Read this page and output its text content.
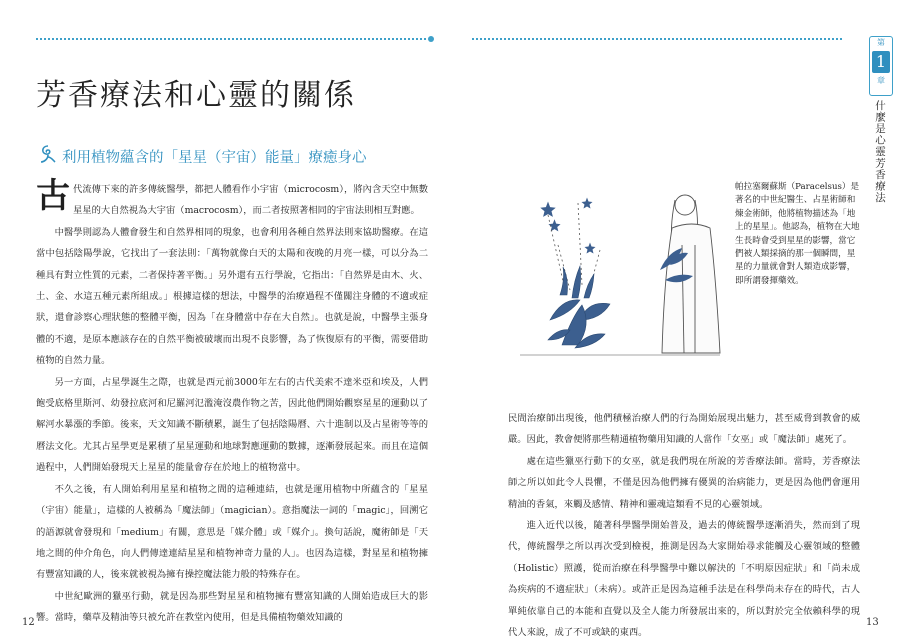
芳香療法和心靈的關係
利用植物蘊含的「星星（宇宙）能量」療癒身心

古代流傳下來的許多傳統醫學，都把人體看作小宇宙（microcosm），將內含天空中無數星星的大自然視為大宇宙（macrocosm），而二者按照著相同的宇宙法則相互對應。

中醫學則認為人體會發生和自然界相同的現象，也會利用各種自然界法則來協助醫療。在這當中包括陰陽學說，它找出了一套法則：「萬物就像白天的太陽和夜晚的月亮一樣，可以分為二種具有對立性質的元素，二者保持著平衡。」另外還有五行學說，它指出：「自然界是由木、火、土、金、水這五種元素所組成。」根據這樣的想法，中醫學的治療過程不僅關注身體的不適或症狀，還會診察心理狀態的整體平衡，因為「在身體當中存在大自然」。也就是說，中醫學主張身體的不適，是原本應該存在的自然平衡被破壞而出現不良影響，為了恢復原有的平衡，需要借助植物的自然力量。

另一方面，占星學誕生之際，也就是西元前3000年左右的古代美索不達米亞和埃及，人們飽受底格里斯河、幼發拉底河和尼羅河氾濫淹沒農作物之苦，因此他們開始觀察星星的運動以了解河水暴漲的季節。後來，天文知識不斷積累，誕生了包括陰陽曆、六十進制以及占星術等等的曆法文化。尤其占星學更是累積了星星運動和地球對應運動的數據，逐漸發展起來。而且在這個過程中，人們開始發現天上星星的能量會存在於地上的植物當中。

不久之後，有人開始利用星星和植物之間的這種連結，也就是運用植物中所蘊含的「星星（宇宙）能量」，這樣的人被稱為「魔法師」（magician）。意指魔法一詞的「magic」，回溯它的語源就會發現和「medium」有關，意思是「媒介體」或「媒介」。換句話說，魔術師是「天地之間的仲介角色，向人們傳達連結星星和植物神奇力量的人」。也因為這樣，對星星和植物擁有豐富知識的人，後來就被視為擁有操控魔法能力般的特殊存在。

中世紀歐洲的獵巫行動，就是因為那些對星星和植物擁有豐富知識的人開始造成巨大的影響。當時，藥草及精油等只被允許在教堂內使用，但是具備植物藥效知識的

12
帕拉塞爾蘇斯（Paracelsus）是著名的中世紀醫生、占星術師和煉金術師，他將植物描述為「地上的星星」。他認為，植物在大地生長時會受到星星的影響，當它們被人類採摘的那一個瞬間，星星的力量就會對人類造成影響，即所謂發揮藥效。

民間治療師出現後，他們積極治療人們的行為開始展現出魅力，甚至威脅到教會的威嚴。因此，教會便將那些精通植物藥用知識的人當作「女巫」或「魔法師」處死了。

處在這些獵巫行動下的女巫，就是我們現在所說的芳香療法師。當時，芳香療法師之所以如此令人畏懼，不僅是因為他們擁有優異的治病能力，更是因為他們會運用精油的香氣，來觸及感情、精神和靈魂這類看不見的心靈領域。

進入近代以後，隨著科學醫學開始普及，過去的傳統醫學逐漸消失，然而到了現代，傳統醫學之所以再次受到檢視，推測是因為大家開始尋求能觸及心靈領域的整體（Holistic）照護，從而治療在科學醫學中難以解決的「不明原因症狀」和「尚未成為疾病的不適症狀」（未病）。或許正是因為這種手法是在科學尚未存在的時代，古人單純依靠自己的本能和直覺以及全人能力所發展出來的，所以對於完全依賴科學的現代人來說，成了不可或缺的東西。

第
1
章
什麼是心靈芳香療法
13
